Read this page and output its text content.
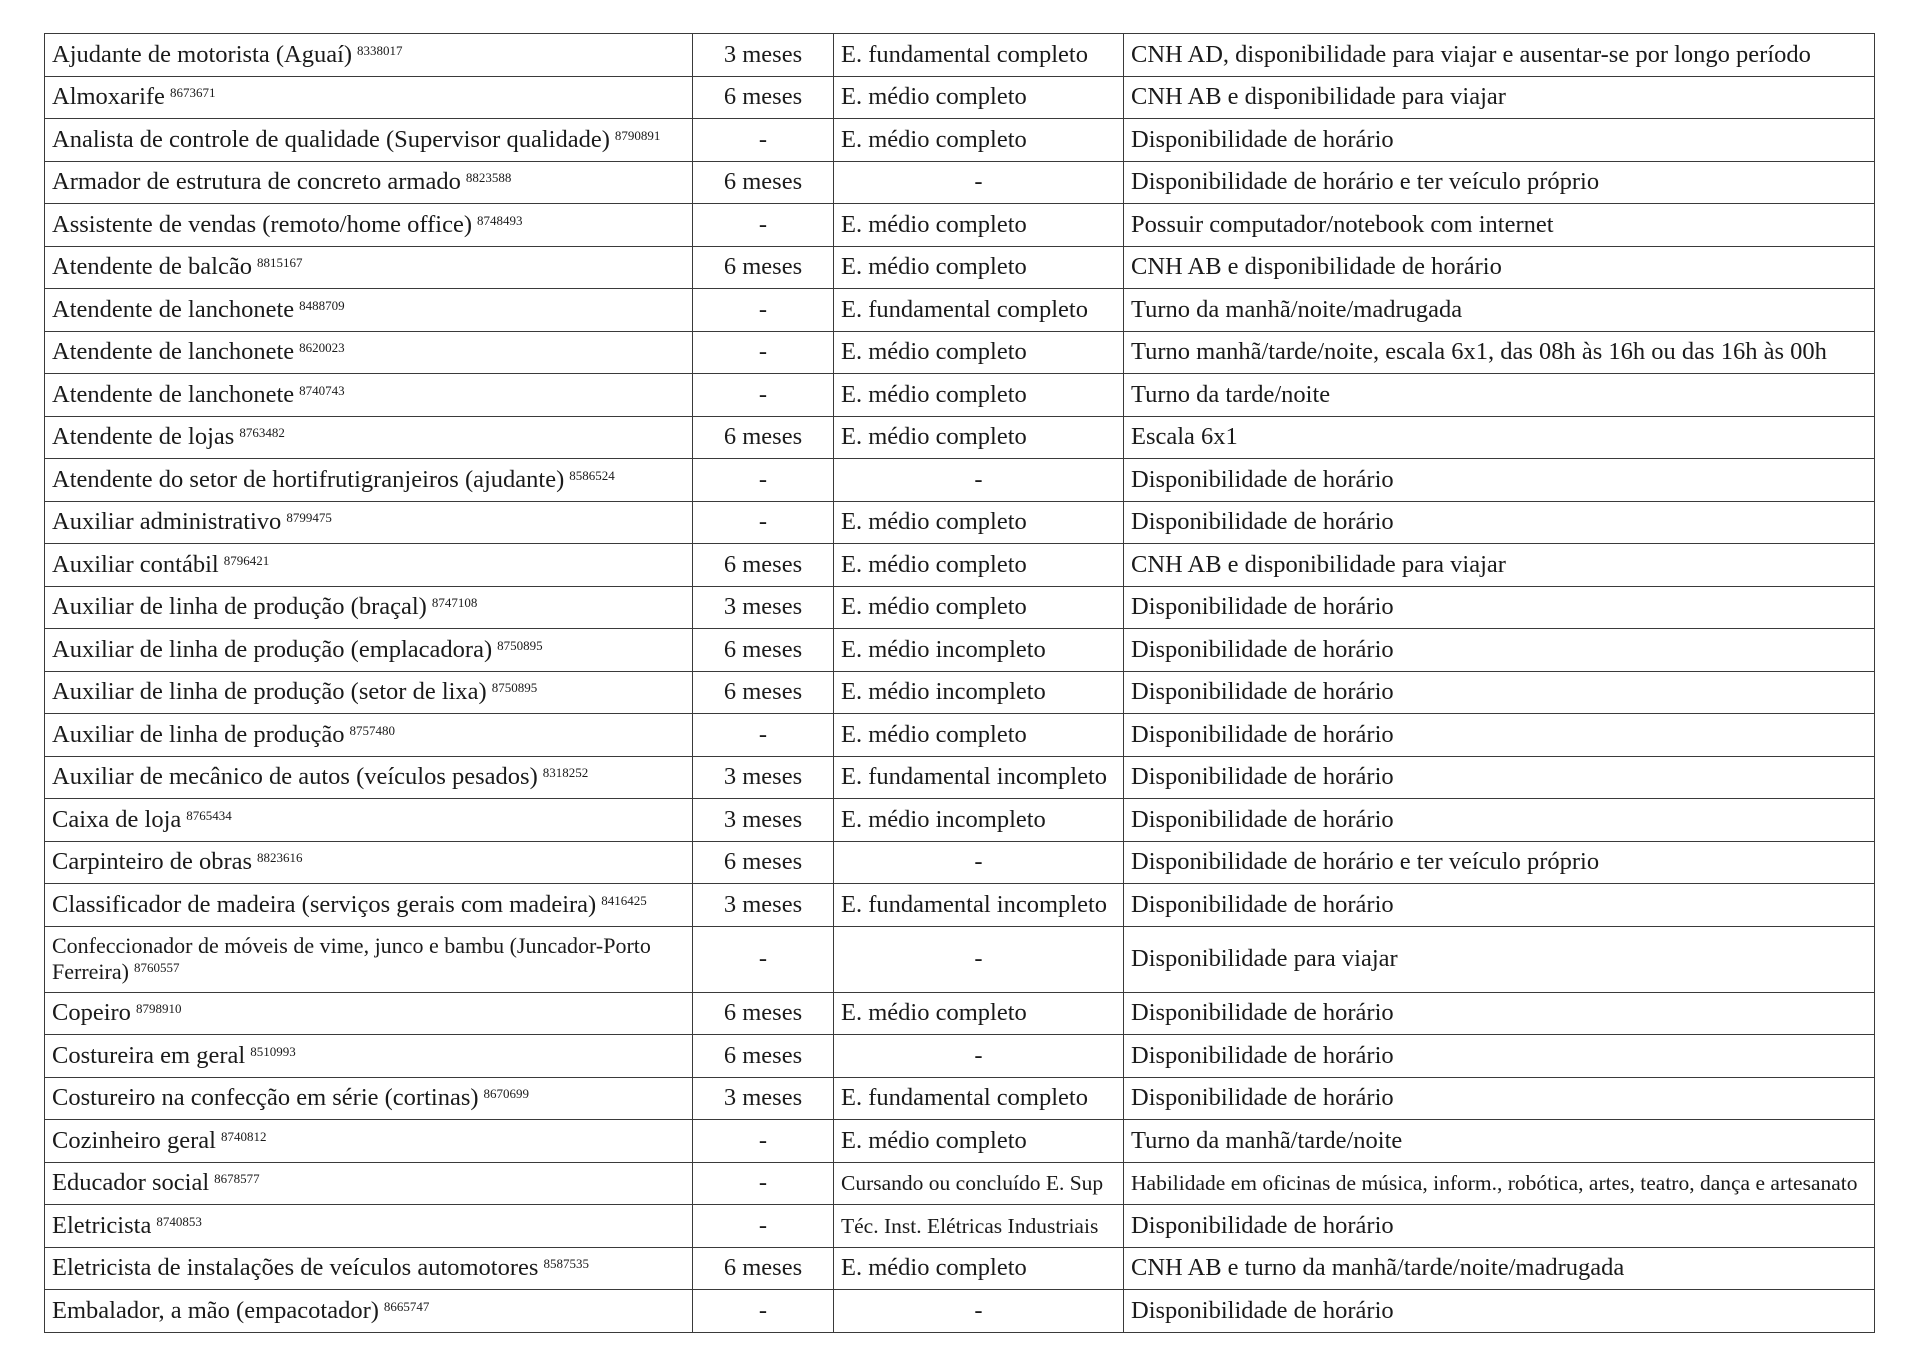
Ajudante de motorista (Aguaí) $^{8338017}$	3 meses	E. fundamental completo	CNH AD, disponibilidade para viajar e ausentar-se por longo período
Almoxarife $^{8673671}$	6 meses	E. médio completo	CNH AB e disponibilidade para viajar
Analista de controle de qualidade (Supervisor qualidade) $^{8790891}$	-	E. médio completo	Disponibilidade de horário
Armador de estrutura de concreto armado $^{8823588}$	6 meses	-	Disponibilidade de horário e ter veículo próprio
Assistente de vendas (remoto/home office) $^{8748493}$	-	E. médio completo	Possuir computador/notebook com internet
Atendente de balcão $^{8815167}$	6 meses	E. médio completo	CNH AB e disponibilidade de horário
Atendente de lanchonete $^{8488709}$	-	E. fundamental completo	Turno da manhã/noite/madrugada
Atendente de lanchonete $^{8620023}$	-	E. médio completo	Turno manhã/tarde/noite, escala 6x1, das 08h às 16h ou das 16h às 00h
Atendente de lanchonete $^{8740743}$	-	E. médio completo	Turno da tarde/noite
Atendente de lojas $^{8763482}$	6 meses	E. médio completo	Escala 6x1
Atendente do setor de hortifrutigranjeiros (ajudante) $^{8586524}$	-	-	Disponibilidade de horário
Auxiliar administrativo $^{8799475}$	-	E. médio completo	Disponibilidade de horário
Auxiliar contábil $^{8796421}$	6 meses	E. médio completo	CNH AB e disponibilidade para viajar
Auxiliar de linha de produção (braçal) $^{8747108}$	3 meses	E. médio completo	Disponibilidade de horário
Auxiliar de linha de produção (emplacadora) $^{8750895}$	6 meses	E. médio incompleto	Disponibilidade de horário
Auxiliar de linha de produção (setor de lixa) $^{8750895}$	6 meses	E. médio incompleto	Disponibilidade de horário
Auxiliar de linha de produção $^{8757480}$	-	E. médio completo	Disponibilidade de horário
Auxiliar de mecânico de autos (veículos pesados) $^{8318252}$	3 meses	E. fundamental incompleto	Disponibilidade de horário
Caixa de loja $^{8765434}$	3 meses	E. médio incompleto	Disponibilidade de horário
Carpinteiro de obras $^{8823616}$	6 meses	-	Disponibilidade de horário e ter veículo próprio
Classificador de madeira (serviços gerais com madeira) $^{8416425}$	3 meses	E. fundamental incompleto	Disponibilidade de horário
Confeccionador de móveis de vime, junco e bambu (Juncador-Porto Ferreira) $^{8760557}$	-	-	Disponibilidade para viajar
Copeiro $^{8798910}$	6 meses	E. médio completo	Disponibilidade de horário
Costureira em geral $^{8510993}$	6 meses	-	Disponibilidade de horário
Costureiro na confecção em série (cortinas) $^{8670699}$	3 meses	E. fundamental completo	Disponibilidade de horário
Cozinheiro geral $^{8740812}$	-	E. médio completo	Turno da manhã/tarde/noite
Educador social $^{8678577}$	-	Cursando ou concluído E. Sup	Habilidade em oficinas de música, inform., robótica, artes, teatro, dança e artesanato
Eletricista $^{8740853}$	-	Téc. Inst. Elétricas Industriais	Disponibilidade de horário
Eletricista de instalações de veículos automotores $^{8587535}$	6 meses	E. médio completo	CNH AB e turno da manhã/tarde/noite/madrugada
Embalador, a mão (empacotador) $^{8665747}$	-	-	Disponibilidade de horário
